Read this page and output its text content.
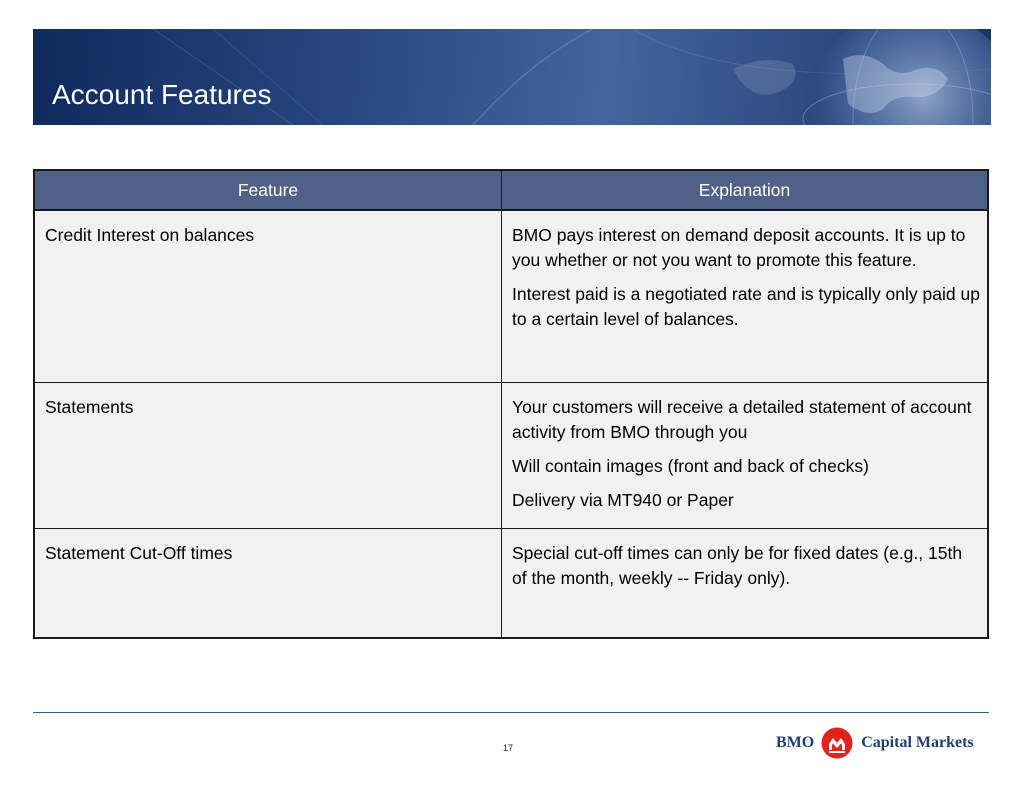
Account Features
Feature	Explanation
Credit Interest on balances	BMO pays interest on demand deposit accounts. It is up to you whether or not you want to promote this feature.

Interest paid is a negotiated rate and is typically only paid up to a certain level of balances.

Statements	Your customers will receive a detailed statement of account activity from BMO through you

Will contain images (front and back of checks)

Delivery via MT940 or Paper

Statement Cut-Off times	Special cut-off times can only be for fixed dates (e.g., 15th of the month, weekly -- Friday only).

17	BMO	Capital Markets
